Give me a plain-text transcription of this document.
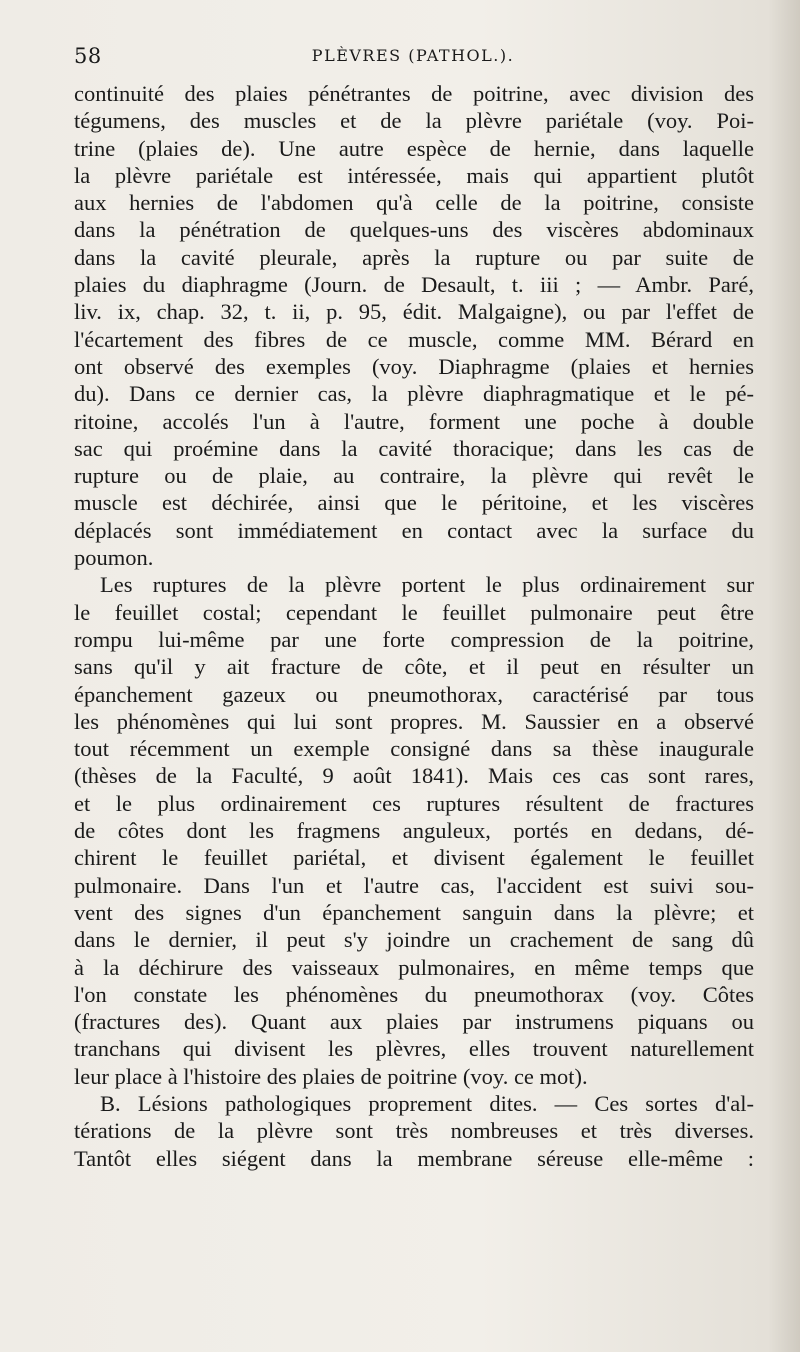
58	PLÈVRES (PATHOL.).
continuité des plaies pénétrantes de poitrine, avec division des
tégumens, des muscles et de la plèvre pariétale (voy. Poi-
trine (plaies de). Une autre espèce de hernie, dans laquelle
la plèvre pariétale est intéressée, mais qui appartient plutôt
aux hernies de l'abdomen qu'à celle de la poitrine, consiste
dans la pénétration de quelques-uns des viscères abdominaux
dans la cavité pleurale, après la rupture ou par suite de
plaies du diaphragme (Journ. de Desault, t. iii ; — Ambr. Paré,
liv. ix, chap. 32, t. ii, p. 95, édit. Malgaigne), ou par l'effet de
l'écartement des fibres de ce muscle, comme MM. Bérard en
ont observé des exemples (voy. Diaphragme (plaies et hernies
du). Dans ce dernier cas, la plèvre diaphragmatique et le pé-
ritoine, accolés l'un à l'autre, forment une poche à double
sac qui proémine dans la cavité thoracique; dans les cas de
rupture ou de plaie, au contraire, la plèvre qui revêt le
muscle est déchirée, ainsi que le péritoine, et les viscères
déplacés sont immédiatement en contact avec la surface du
poumon.
Les ruptures de la plèvre portent le plus ordinairement sur
le feuillet costal; cependant le feuillet pulmonaire peut être
rompu lui-même par une forte compression de la poitrine,
sans qu'il y ait fracture de côte, et il peut en résulter un
épanchement gazeux ou pneumothorax, caractérisé par tous
les phénomènes qui lui sont propres. M. Saussier en a observé
tout récemment un exemple consigné dans sa thèse inaugurale
(thèses de la Faculté, 9 août 1841). Mais ces cas sont rares,
et le plus ordinairement ces ruptures résultent de fractures
de côtes dont les fragmens anguleux, portés en dedans, dé-
chirent le feuillet pariétal, et divisent également le feuillet
pulmonaire. Dans l'un et l'autre cas, l'accident est suivi sou-
vent des signes d'un épanchement sanguin dans la plèvre; et
dans le dernier, il peut s'y joindre un crachement de sang dû
à la déchirure des vaisseaux pulmonaires, en même temps que
l'on constate les phénomènes du pneumothorax (voy. Côtes
(fractures des). Quant aux plaies par instrumens piquans ou
tranchans qui divisent les plèvres, elles trouvent naturellement
leur place à l'histoire des plaies de poitrine (voy. ce mot).
B. Lésions pathologiques proprement dites. — Ces sortes d'al-
térations de la plèvre sont très nombreuses et très diverses.
Tantôt elles siégent dans la membrane séreuse elle-même :
